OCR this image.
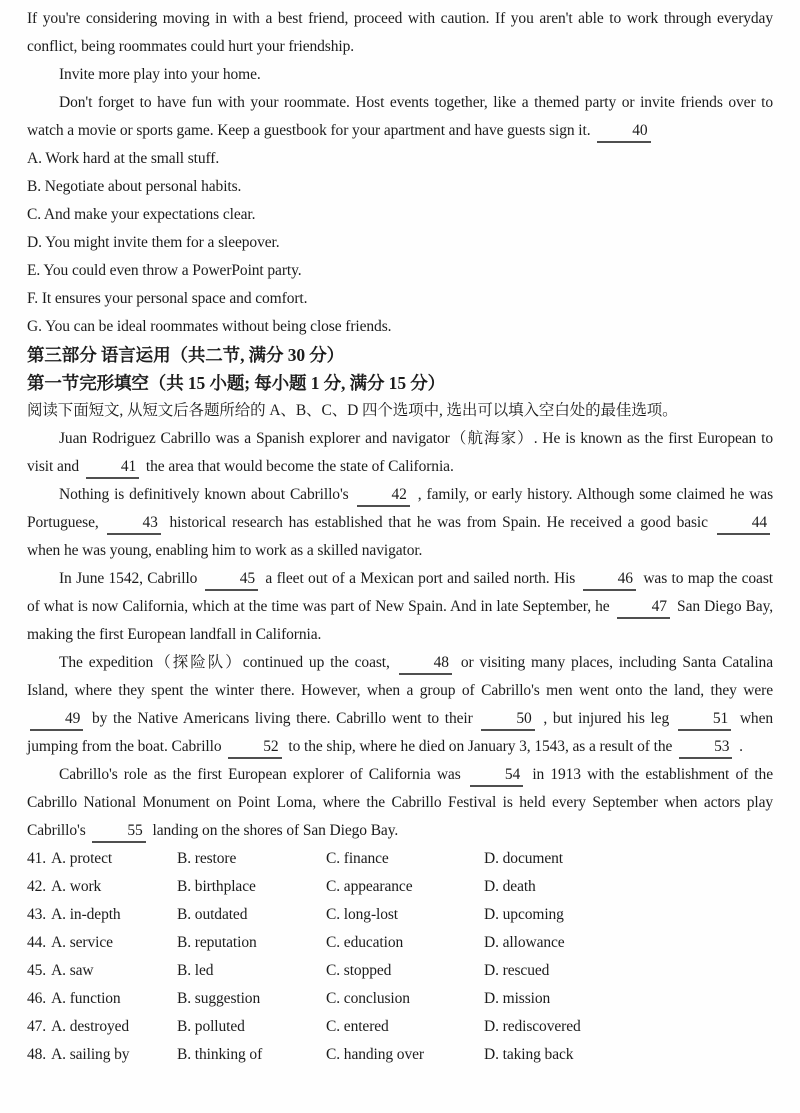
If you're considering moving in with a best friend, proceed with caution. If you aren't able to work through everyday conflict, being roommates could hurt your friendship.

Invite more play into your home.

Don't forget to have fun with your roommate. Host events together, like a themed party or invite friends over to watch a movie or sports game. Keep a guestbook for your apartment and have guests sign it. 40

A. Work hard at the small stuff.

B. Negotiate about personal habits.

C. And make your expectations clear.

D. You might invite them for a sleepover.

E. You could even throw a PowerPoint party.

F. It ensures your personal space and comfort.

G. You can be ideal roommates without being close friends.

第三部分 语言运用（共二节, 满分 30 分）
第一节完形填空（共 15 小题; 每小题 1 分, 满分 15 分）

阅读下面短文, 从短文后各题所给的 A、B、C、D 四个选项中, 选出可以填入空白处的最佳选项。

Juan Rodriguez Cabrillo was a Spanish explorer and navigator（航海家）. He is known as the first European to visit and 41 the area that would become the state of California.

Nothing is definitively known about Cabrillo's 42 , family, or early history. Although some claimed he was Portuguese, 43 historical research has established that he was from Spain. He received a good basic 44 when he was young, enabling him to work as a skilled navigator.

In June 1542, Cabrillo 45 a fleet out of a Mexican port and sailed north. His 46 was to map the coast of what is now California, which at the time was part of New Spain. And in late September, he 47 San Diego Bay, making the first European landfall in California.

The expedition（探险队）continued up the coast, 48 or visiting many places, including Santa Catalina Island, where they spent the winter there. However, when a group of Cabrillo's men went onto the land, they were 49 by the Native Americans living there. Cabrillo went to their 50 , but injured his leg 51 when jumping from the boat. Cabrillo 52 to the ship, where he died on January 3, 1543, as a result of the 53 .

Cabrillo's role as the first European explorer of California was 54 in 1913 with the establishment of the Cabrillo National Monument on Point Loma, where the Cabrillo Festival is held every September when actors play Cabrillo's 55 landing on the shores of San Diego Bay.

41. A. protect	B. restore	C. finance	D. document
42. A. work	B. birthplace	C. appearance	D. death
43. A. in-depth	B. outdated	C. long-lost	D. upcoming
44. A. service	B. reputation	C. education	D. allowance
45. A. saw	B. led	C. stopped	D. rescued
46. A. function	B. suggestion	C. conclusion	D. mission
47. A. destroyed	B. polluted	C. entered	D. rediscovered
48. A. sailing by	B. thinking of	C. handing over	D. taking back
